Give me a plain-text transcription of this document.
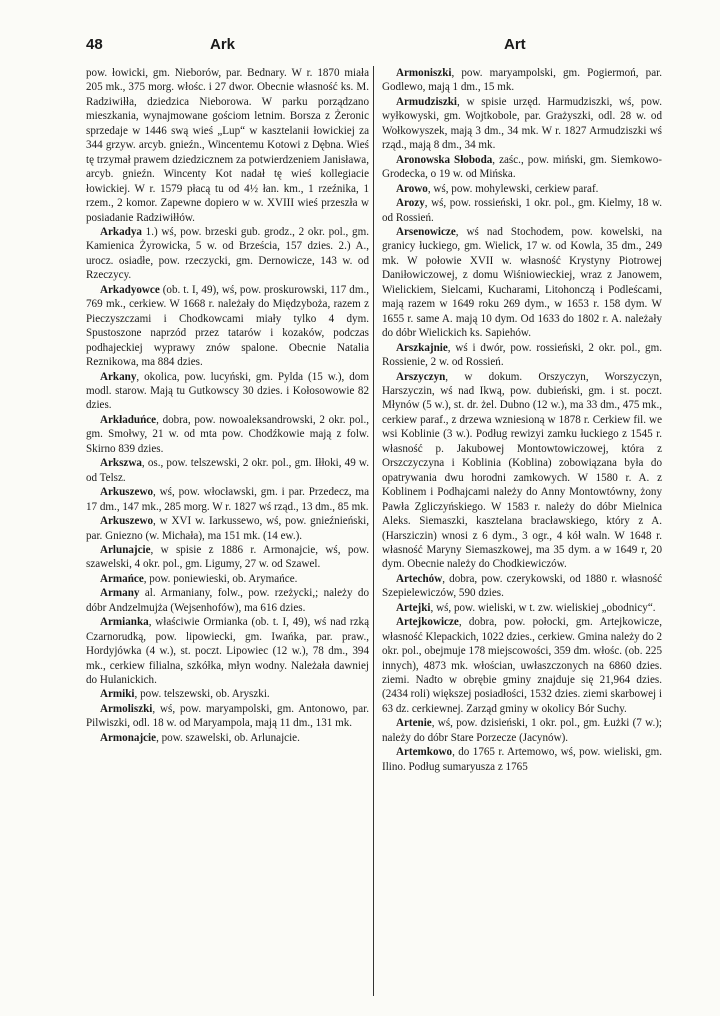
48	Ark	Art

pow. łowicki, gm. Nieborów, par. Bednary. W r. 1870 miała 205 mk., 375 morg. włośc. i 27 dwor. Obecnie własność ks. M. Radziwiłła, dziedzica Nieborowa. W parku porządzano mieszkania, wynajmowane gościom letnim. Borsza z Żeronic sprzedaje w 1446 swą wieś „Lup“ w kasztelanii łowickiej za 344 grzyw. arcyb. gnieźn., Wincentemu Kotowi z Dębna. Wieś tę trzymał prawem dziedzicznem za potwierdzeniem Janisława, arcyb. gnieźn. Wincenty Kot nadał tę wieś kollegiacie łowickiej. W r. 1579 płacą tu od 4½ łan. km., 1 rzeźnika, 1 rzem., 2 komor. Zapewne dopiero w w. XVIII wieś przeszła w posiadanie Radziwiłłów.

Arkadya 1.) wś, pow. brzeski gub. grodz., 2 okr. pol., gm. Kamienica Żyrowicka, 5 w. od Brześcia, 157 dzies. 2.) A., urocz. osiadłe, pow. rzeczycki, gm. Dernowicze, 143 w. od Rzeczycy.

Arkadyowce (ob. t. I, 49), wś, pow. proskurowski, 117 dm., 769 mk., cerkiew. W 1668 r. należały do Międzyboża, razem z Pieczyszczami i Chodkowcami miały tylko 4 dym. Spustoszone naprzód przez tatarów i kozaków, podczas podhajeckiej wyprawy znów spalone. Obecnie Natalia Reznikowa, ma 884 dzies.

Arkany, okolica, pow. lucyński, gm. Pylda (15 w.), dom modl. starow. Mają tu Gutkowscy 30 dzies. i Kołosowowie 82 dzies.

Arkładuńce, dobra, pow. nowoaleksandrowski, 2 okr. pol., gm. Smołwy, 21 w. od mta pow. Chodźkowie mają z folw. Skirno 839 dzies.

Arkszwa, os., pow. telszewski, 2 okr. pol., gm. Iłłoki, 49 w. od Telsz.

Arkuszewo, wś, pow. włocławski, gm. i par. Przedecz, ma 17 dm., 147 mk., 285 morg. W r. 1827 wś rząd., 13 dm., 85 mk.

Arkuszewo, w XVI w. Iarkussewo, wś, pow. gnieźnieński, par. Gniezno (w. Michała), ma 151 mk. (14 ew.).

Arlunajcie, w spisie z 1886 r. Armonajcie, wś, pow. szawelski, 4 okr. pol., gm. Ligumy, 27 w. od Szawel.

Armańce, pow. poniewieski, ob. Arymańce.

Armany al. Armaniany, folw., pow. rzeżycki,; należy do dóbr Andzelmujża (Wejsenhofów), ma 616 dzies.

Armianka, właściwie Ormianka (ob. t. I, 49), wś nad rzką Czarnorudką, pow. lipowiecki, gm. Iwańka, par. praw., Hordyjówka (4 w.), st. poczt. Lipowiec (12 w.), 78 dm., 394 mk., cerkiew filialna, szkółka, młyn wodny. Należała dawniej do Hulanickich.

Armiki, pow. telszewski, ob. Aryszki.

Armoliszki, wś, pow. maryampolski, gm. Antonowo, par. Pilwiszki, odl. 18 w. od Maryampola, mają 11 dm., 131 mk.

Armonajcie, pow. szawelski, ob. Arlunajcie.

Armoniszki, pow. maryampolski, gm. Pogiermoń, par. Godlewo, mają 1 dm., 15 mk.

Armudziszki, w spisie urzęd. Harmudziszki, wś, pow. wyłkowyski, gm. Wojtkobole, par. Grażyszki, odl. 28 w. od Wołkowyszek, mają 3 dm., 34 mk. W r. 1827 Armudziszki wś rząd., mają 8 dm., 34 mk.

Aronowska Słoboda, zaśc., pow. miński, gm. Siemkowo-Grodecka, o 19 w. od Mińska.

Arowo, wś, pow. mohylewski, cerkiew paraf.

Arozy, wś, pow. rossieński, 1 okr. pol., gm. Kielmy, 18 w. od Rossień.

Arsenowicze, wś nad Stochodem, pow. kowelski, na granicy łuckiego, gm. Wielick, 17 w. od Kowla, 35 dm., 249 mk. W połowie XVII w. własność Krystyny Piotrowej Daniłowiczowej, z domu Wiśniowieckiej, wraz z Janowem, Wielickiem, Sielcami, Kucharami, Litohonczą i Podleścami, mają razem w 1649 roku 269 dym., w 1653 r. 158 dym. W 1655 r. same A. mają 10 dym. Od 1633 do 1802 r. A. należały do dóbr Wielickich ks. Sapiehów.

Arszkajnie, wś i dwór, pow. rossieński, 2 okr. pol., gm. Rossienie, 2 w. od Rossień.

Arszyczyn, w dokum. Orszyczyn, Worszyczyn, Harszyczin, wś nad Ikwą, pow. dubieński, gm. i st. poczt. Młynów (5 w.), st. dr. żel. Dubno (12 w.), ma 33 dm., 475 mk., cerkiew paraf., z drzewa wzniesioną w 1878 r. Cerkiew fil. we wsi Koblinie (3 w.). Podług rewizyi zamku łuckiego z 1545 r. własność p. Jakubowej Montowtowiczowej, która z Orszczyczyna i Koblinia (Koblina) zobowiązana była do opatrywania dwu horodni zamkowych. W 1580 r. A. z Koblinem i Podhajcami należy do Anny Montowtówny, żony Pawła Zgliczyńskiego. W 1583 r. należy do dóbr Mielnica Aleks. Siemaszki, kasztelana bracławskiego, który z A. (Harsziczin) wnosi z 6 dym., 3 ogr., 4 kół waln. W 1648 r. własność Maryny Siemaszkowej, ma 35 dym. a w 1649 r, 20 dym. Obecnie należy do Chodkiewiczów.

Artechów, dobra, pow. czerykowski, od 1880 r. własność Szepielewiczów, 590 dzies.

Artejki, wś, pow. wieliski, w t. zw. wieliskiej „obodnicy“.

Artejkowicze, dobra, pow. połocki, gm. Artejkowicze, własność Klepackich, 1022 dzies., cerkiew. Gmina należy do 2 okr. pol., obejmuje 178 miejscowości, 359 dm. włośc. (ob. 225 innych), 4873 mk. włościan, uwłaszczonych na 6860 dzies. ziemi. Nadto w obrębie gminy znajduje się 21,964 dzies. (2434 roli) większej posiadłości, 1532 dzies. ziemi skarbowej i 63 dz. cerkiewnej. Zarząd gminy w okolicy Bór Suchy.

Artenie, wś, pow. dzisieński, 1 okr. pol., gm. Łużki (7 w.); należy do dóbr Stare Porzecze (Jacynów).

Artemkowo, do 1765 r. Artemowo, wś, pow. wieliski, gm. Ilino. Podług sumaryusza z 1765
